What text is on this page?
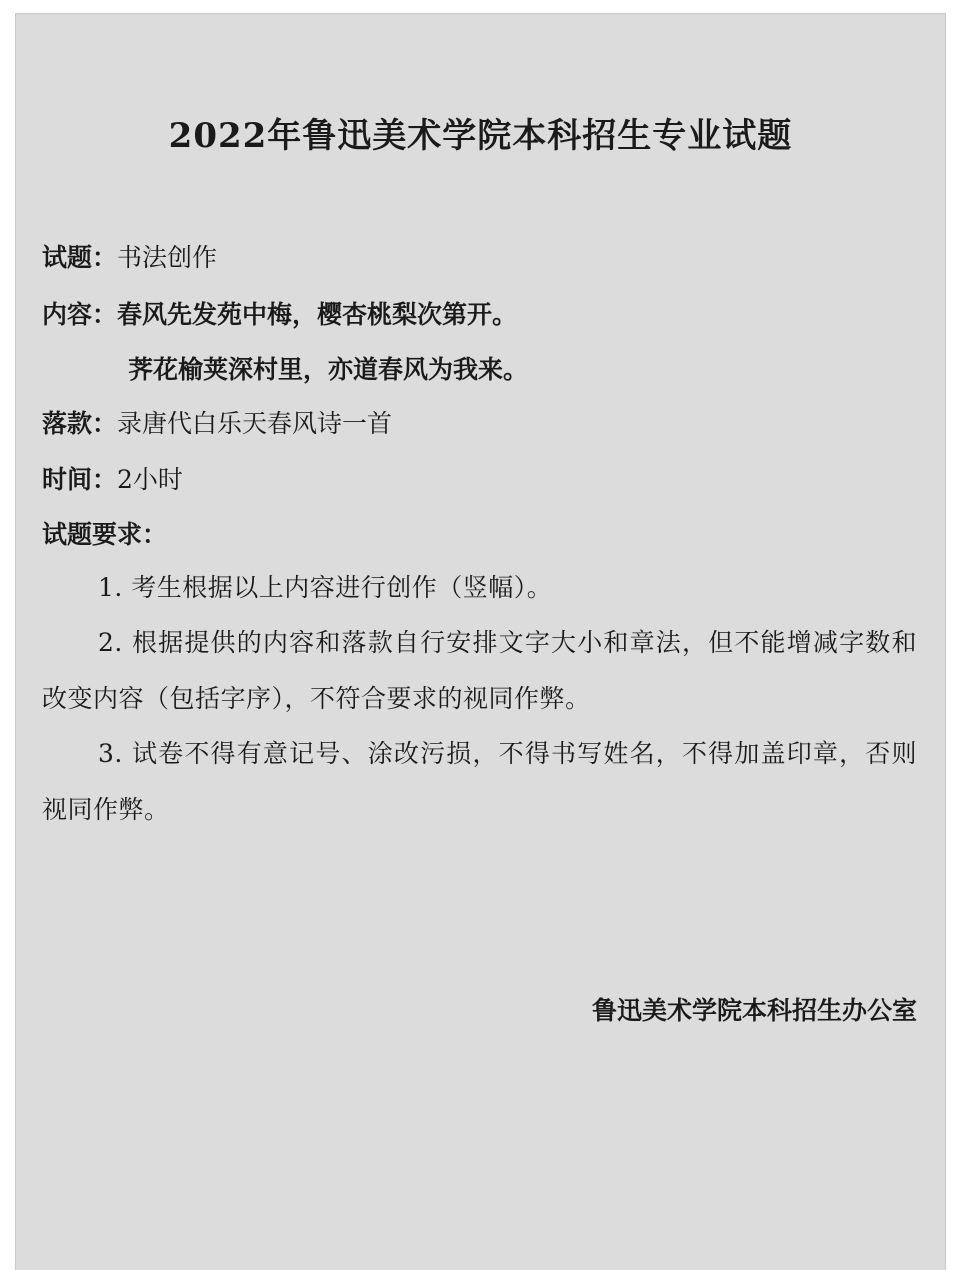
2022年鲁迅美术学院本科招生专业试题
试题：书法创作
内容：春风先发苑中梅，樱杏桃梨次第开。
荠花榆荚深村里，亦道春风为我来。
落款：录唐代白乐天春风诗一首
时间：2小时
试题要求：
1. 考生根据以上内容进行创作（竖幅）。
2. 根据提供的内容和落款自行安排文字大小和章法，但不能增减字数和改变内容（包括字序），不符合要求的视同作弊。
3. 试卷不得有意记号、涂改污损，不得书写姓名，不得加盖印章，否则视同作弊。
鲁迅美术学院本科招生办公室
